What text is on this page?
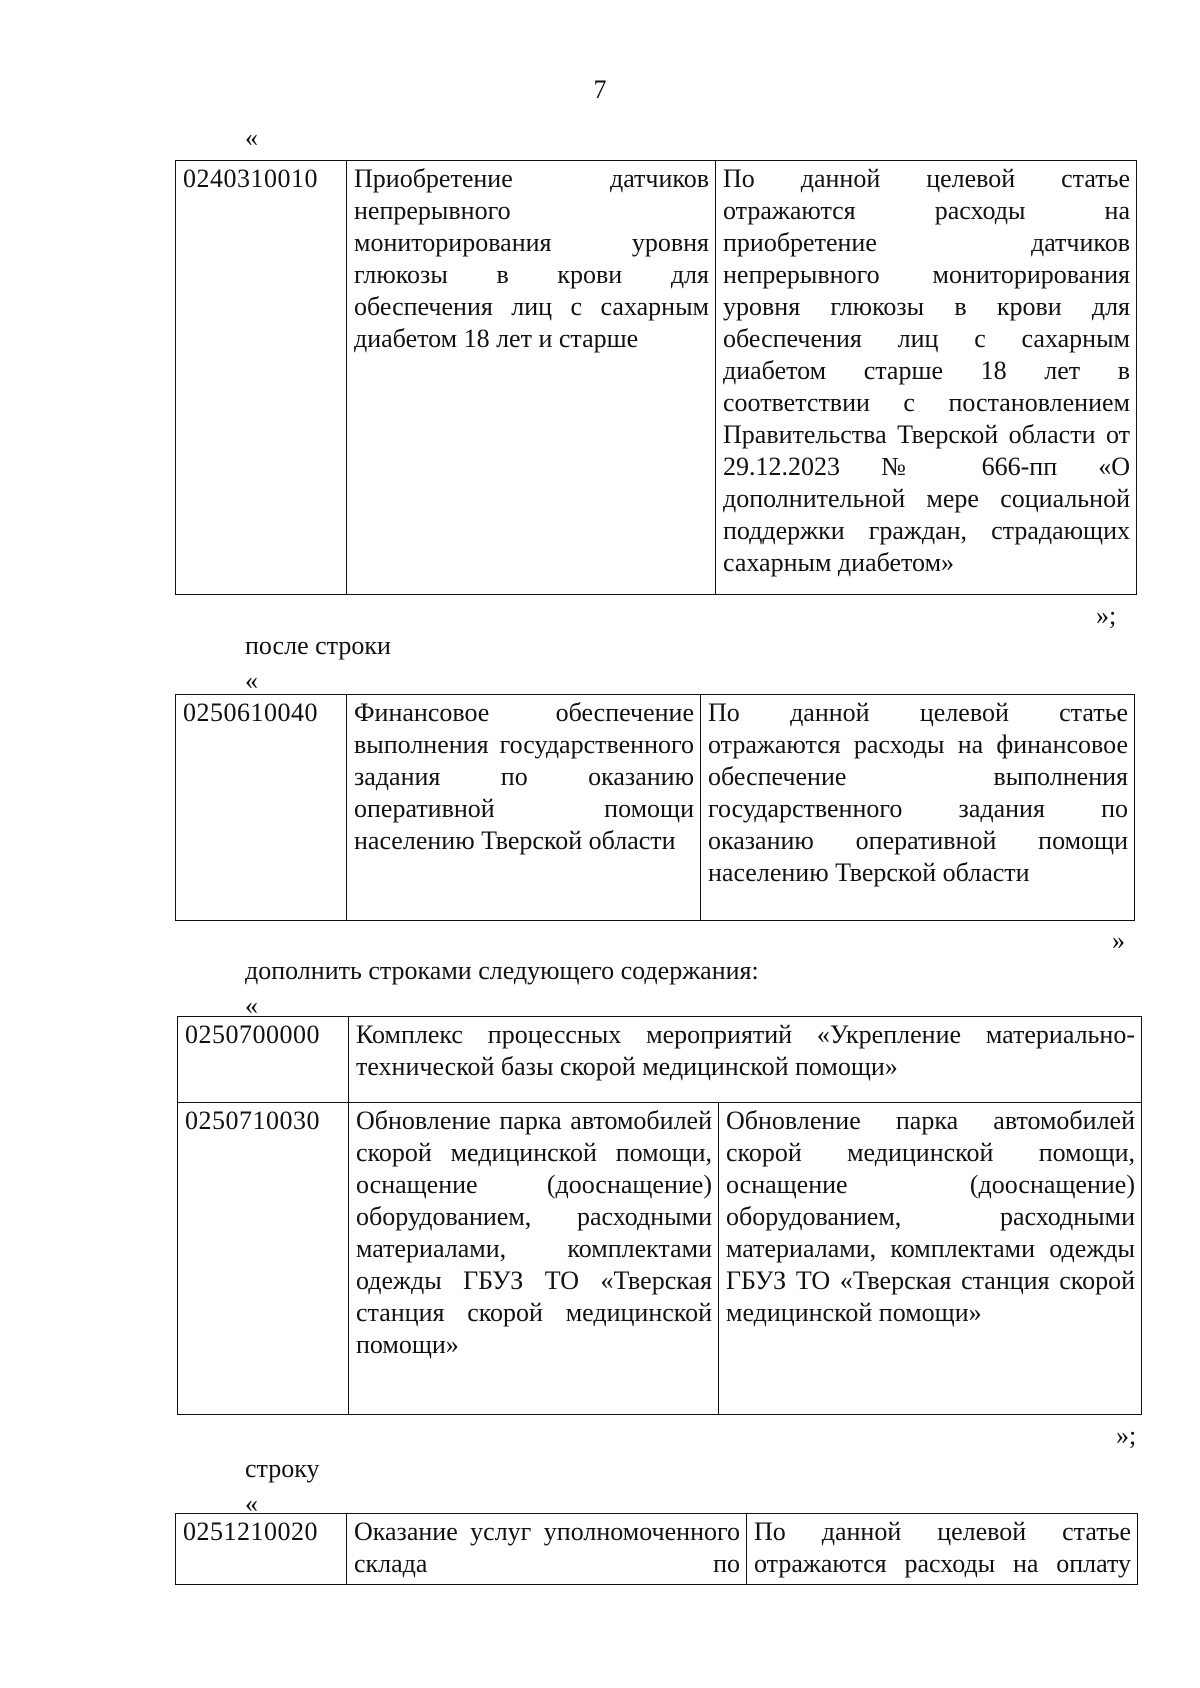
7
«
0240310010	Приобретение датчиков непрерывного мониторирования уровня глюкозы в крови для обеспечения лиц с сахарным диабетом 18 лет и старше	По данной целевой статье отражаются расходы на приобретение датчиков непрерывного мониторирования уровня глюкозы в крови для обеспечения лиц с сахарным диабетом старше 18 лет в соответствии с постановлением Правительства Тверской области от 29.12.2023 № 666-пп «О дополнительной мере социальной поддержки граждан, страдающих сахарным диабетом»
»;
после строки
«
0250610040	Финансовое обеспечение выполнения государственного задания по оказанию оперативной помощи населению Тверской области	По данной целевой статье отражаются расходы на финансовое обеспечение выполнения государственного задания по оказанию оперативной помощи населению Тверской области
»
дополнить строками следующего содержания:
«
0250700000	Комплекс процессных мероприятий «Укрепление материально-технической базы скорой медицинской помощи»	
0250710030	Обновление парка автомобилей скорой медицинской помощи, оснащение (дооснащение) оборудованием, расходными материалами, комплектами одежды ГБУЗ ТО «Тверская станция скорой медицинской помощи»	Обновление парка автомобилей скорой медицинской помощи, оснащение (дооснащение) оборудованием, расходными материалами, комплектами одежды ГБУЗ ТО «Тверская станция скорой медицинской помощи»
»;
строку
«
0251210020	Оказание услуг уполномоченного склада по	По данной целевой статье отражаются расходы на оплату
